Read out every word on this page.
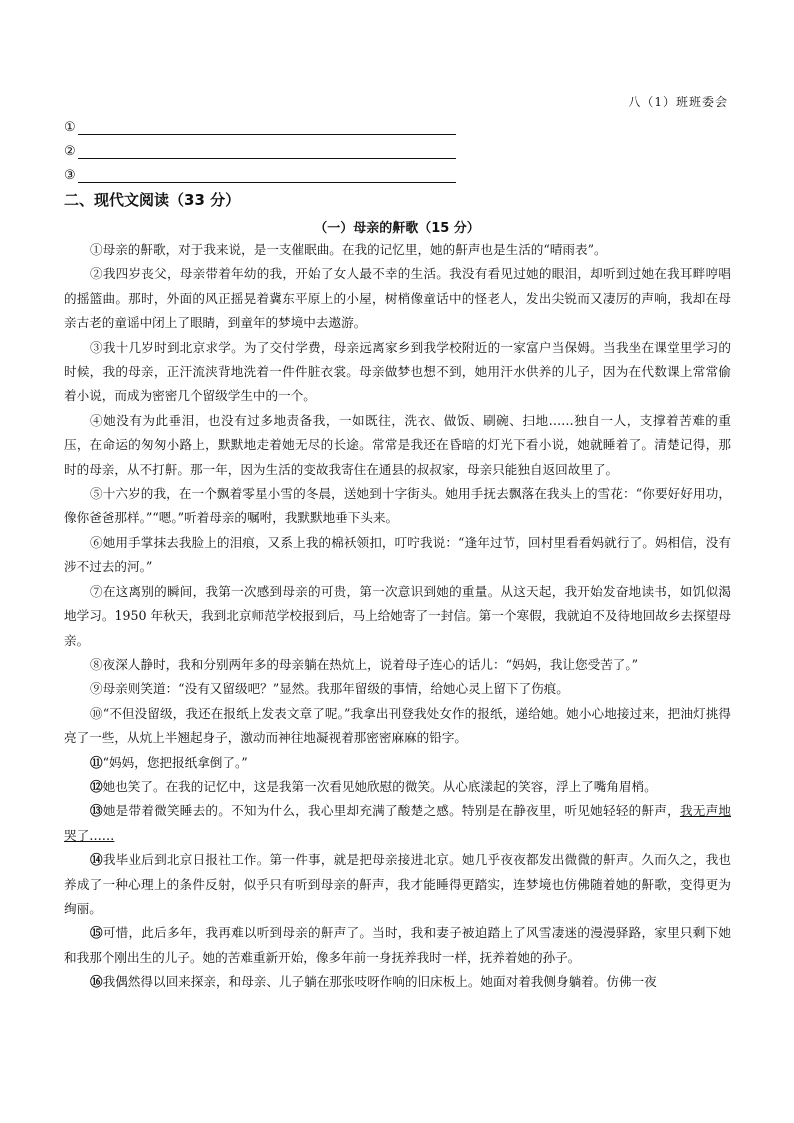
八（1）班班委会
①
②
③
二、现代文阅读（33 分）
（一）母亲的鼾歌（15 分）

①母亲的鼾歌，对于我来说，是一支催眠曲。在我的记忆里，她的鼾声也是生活的“晴雨表”。

②我四岁丧父，母亲带着年幼的我，开始了女人最不幸的生活。我没有看见过她的眼泪，却听到过她在我耳畔哼唱的摇篮曲。那时，外面的风正摇晃着冀东平原上的小屋，树梢像童话中的怪老人，发出尖锐而又凄厉的声响，我却在母亲古老的童谣中闭上了眼睛，到童年的梦境中去遨游。

③我十几岁时到北京求学。为了交付学费，母亲远离家乡到我学校附近的一家富户当保姆。当我坐在课堂里学习的时候，我的母亲，正汗流浃背地洗着一件件脏衣裳。母亲做梦也想不到，她用汗水供养的儿子，因为在代数课上常常偷着小说，而成为密密几个留级学生中的一个。

④她没有为此垂泪，也没有过多地责备我，一如既往，洗衣、做饭、刷碗、扫地……独自一人，支撑着苦难的重压，在命运的匆匆小路上，默默地走着她无尽的长途。常常是我还在昏暗的灯光下看小说，她就睡着了。清楚记得，那时的母亲，从不打鼾。那一年，因为生活的变故我寄住在通县的叔叔家，母亲只能独自返回故里了。

⑤十六岁的我，在一个飘着零星小雪的冬晨，送她到十字街头。她用手抚去飘落在我头上的雪花：“你要好好用功，像你爸爸那样。”“嗯。”听着母亲的嘱咐，我默默地垂下头来。

⑥她用手掌抹去我脸上的泪痕，又系上我的棉袄领扣，叮咛我说：“逢年过节，回村里看看妈就行了。妈相信，没有涉不过去的河。”

⑦在这离别的瞬间，我第一次感到母亲的可贵，第一次意识到她的重量。从这天起，我开始发奋地读书，如饥似渴地学习。1950 年秋天，我到北京师范学校报到后，马上给她寄了一封信。第一个寒假，我就迫不及待地回故乡去探望母亲。

⑧夜深人静时，我和分别两年多的母亲躺在热炕上，说着母子连心的话儿：“妈妈，我让您受苦了。”

⑨母亲则笑道：“没有又留级吧？”显然。我那年留级的事情，给她心灵上留下了伤痕。

⑩“不但没留级，我还在报纸上发表文章了呢。”我拿出刊登我处女作的报纸，递给她。她小心地接过来，把油灯挑得亮了一些，从炕上半翘起身子，激动而神往地凝视着那密密麻麻的铅字。

⑪“妈妈，您把报纸拿倒了。”

⑫她也笑了。在我的记忆中，这是我第一次看见她欣慰的微笑。从心底漾起的笑容，浮上了嘴角眉梢。

⑬她是带着微笑睡去的。不知为什么，我心里却充满了酸楚之感。特别是在静夜里，听见她轻轻的鼾声，我无声地哭了……

⑭我毕业后到北京日报社工作。第一件事，就是把母亲接进北京。她几乎夜夜都发出微微的鼾声。久而久之，我也养成了一种心理上的条件反射，似乎只有听到母亲的鼾声，我才能睡得更踏实，连梦境也仿佛随着她的鼾歌，变得更为绚丽。

⑮可惜，此后多年，我再难以听到母亲的鼾声了。当时，我和妻子被迫踏上了风雪凄迷的漫漫驿路，家里只剩下她和我那个刚出生的儿子。她的苦难重新开始，像多年前一身抚养我时一样，抚养着她的孙子。

⑯我偶然得以回来探亲，和母亲、儿子躺在那张吱呀作响的旧床板上。她面对着我侧身躺着。仿佛一夜
